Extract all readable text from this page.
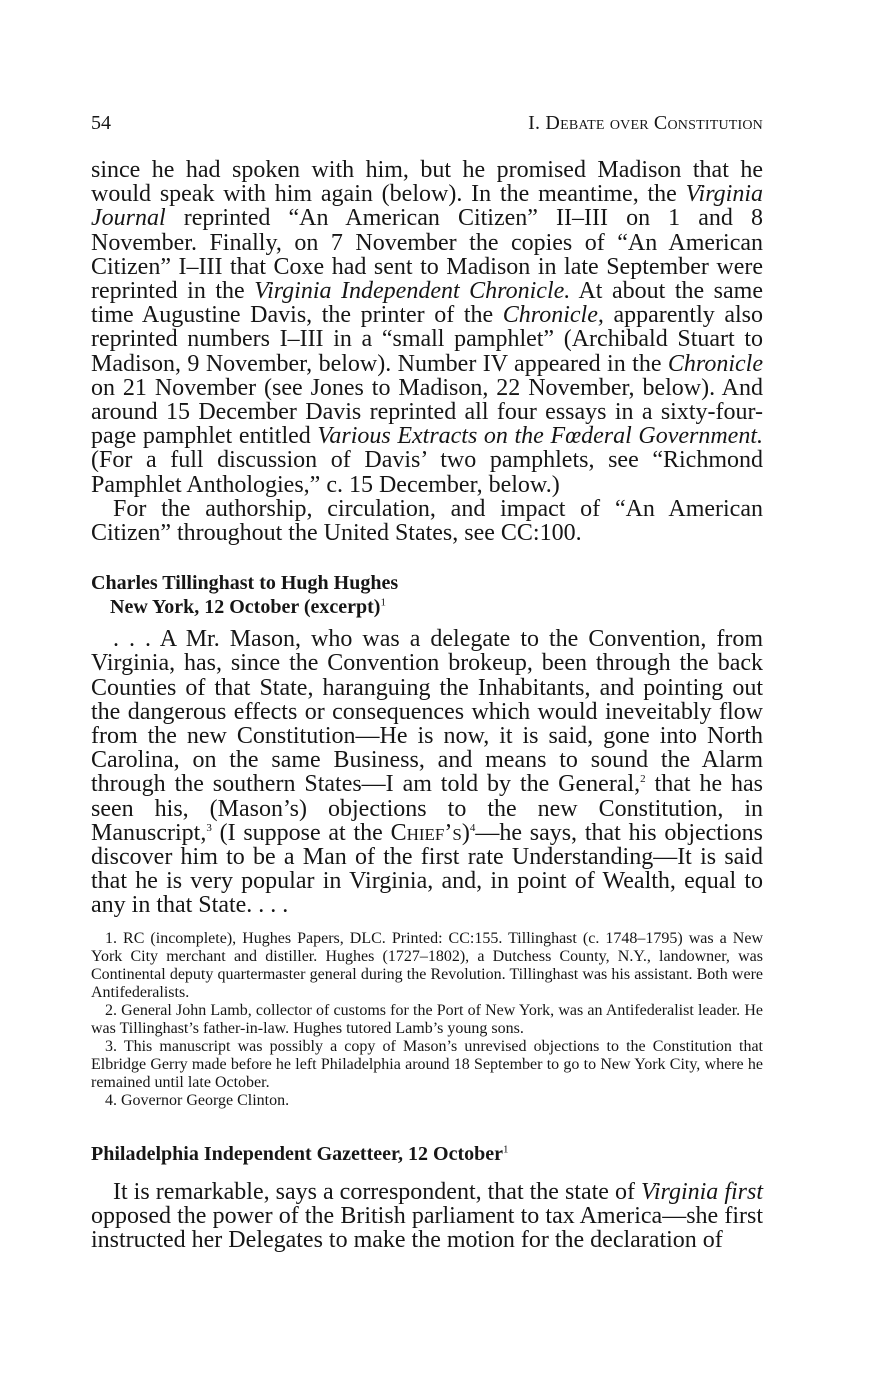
54	I. Debate over Constitution

since he had spoken with him, but he promised Madison that he would speak with him again (below). In the meantime, the Virginia Journal reprinted “An American Citizen” II–III on 1 and 8 November. Finally, on 7 November the copies of “An American Citizen” I–III that Coxe had sent to Madison in late September were reprinted in the Virginia Independent Chronicle. At about the same time Augustine Davis, the printer of the Chronicle, apparently also reprinted numbers I–III in a “small pamphlet” (Archibald Stuart to Madison, 9 November, below). Number IV appeared in the Chronicle on 21 November (see Jones to Madison, 22 November, below). And around 15 December Davis reprinted all four essays in a sixty-four-page pamphlet entitled Various Extracts on the Fœderal Government. (For a full discussion of Davis’ two pamphlets, see “Richmond Pamphlet Anthologies,” c. 15 December, below.)

For the authorship, circulation, and impact of “An American Citizen” throughout the United States, see CC:100.

Charles Tillinghast to Hugh Hughes
New York, 12 October (excerpt)$^1$

. . . A Mr. Mason, who was a delegate to the Convention, from Virginia, has, since the Convention brokeup, been through the back Counties of that State, haranguing the Inhabitants, and pointing out the dangerous effects or consequences which would ineveitably flow from the new Constitution—He is now, it is said, gone into North Carolina, on the same Business, and means to sound the Alarm through the southern States—I am told by the General,$^2$ that he has seen his, (Mason’s) objections to the new Constitution, in Manuscript,$^3$ (I suppose at the Chief’s)$^4$—he says, that his objections discover him to be a Man of the first rate Understanding—It is said that he is very popular in Virginia, and, in point of Wealth, equal to any in that State. . . .

1. RC (incomplete), Hughes Papers, DLC. Printed: CC:155. Tillinghast (c. 1748–1795) was a New York City merchant and distiller. Hughes (1727–1802), a Dutchess County, N.Y., landowner, was Continental deputy quartermaster general during the Revolution. Tillinghast was his assistant. Both were Antifederalists.

2. General John Lamb, collector of customs for the Port of New York, was an Antifederalist leader. He was Tillinghast’s father-in-law. Hughes tutored Lamb’s young sons.

3. This manuscript was possibly a copy of Mason’s unrevised objections to the Constitution that Elbridge Gerry made before he left Philadelphia around 18 September to go to New York City, where he remained until late October.

4. Governor George Clinton.

Philadelphia Independent Gazetteer, 12 October$^1$

It is remarkable, says a correspondent, that the state of Virginia first opposed the power of the British parliament to tax America—she first instructed her Delegates to make the motion for the declaration of
